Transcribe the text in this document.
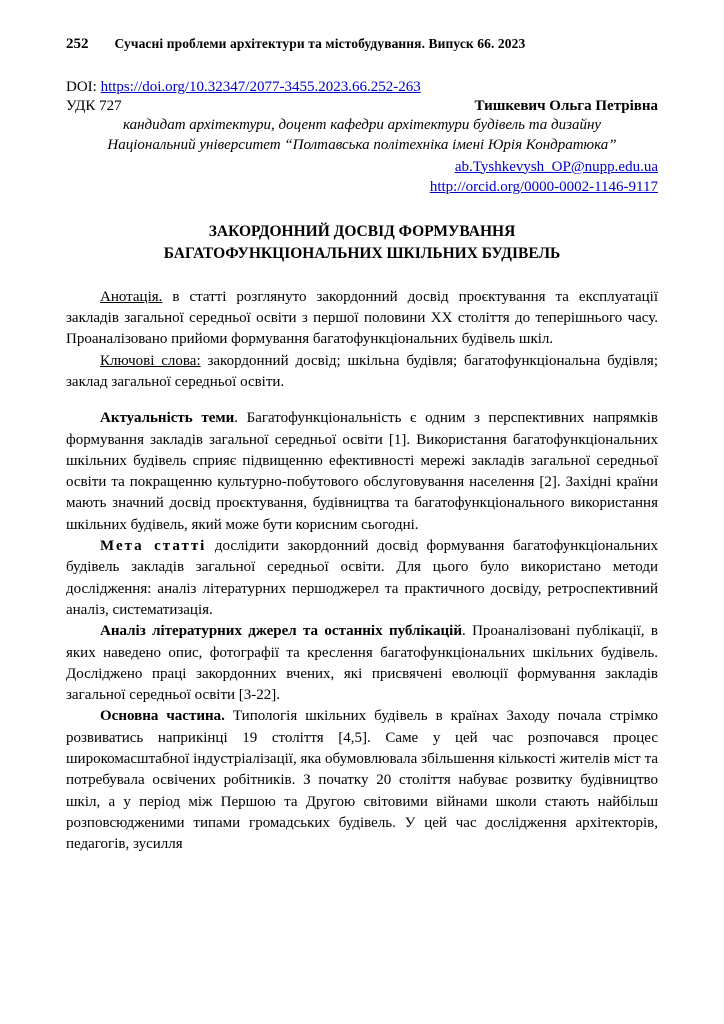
252 Сучасні проблеми архітектури та містобудування. Випуск 66. 2023
DOI: https://doi.org/10.32347/2077-3455.2023.66.252-263
УДК 727	Тишкевич Ольга Петрівна
кандидат архітектури, доцент кафедри архітектури будівель та дизайну
Національний університет “Полтавська політехніка імені Юрія Кондратюка”
ab.Tyshkevysh_OP@nupp.edu.ua
http://orcid.org/0000-0002-1146-9117
ЗАКОРДОННИЙ ДОСВІД ФОРМУВАННЯ
БАГАТОФУНКЦІОНАЛЬНИХ ШКІЛЬНИХ БУДІВЕЛЬ

Анотація. в статті розглянуто закордонний досвід проєктування та експлуатації закладів загальної середньої освіти з першої половини ХХ століття до теперішнього часу. Проаналізовано прийоми формування багатофункціональних будівель шкіл.

Ключові слова: закордонний досвід; шкільна будівля; багатофункціональна будівля; заклад загальної середньої освіти.

Актуальність теми. Багатофункціональність є одним з перспективних напрямків формування закладів загальної середньої освіти [1]. Використання багатофункціональних шкільних будівель сприяє підвищенню ефективності мережі закладів загальної середньої освіти та покращенню культурно-побутового обслуговування населення [2]. Західні країни мають значний досвід проєктування, будівництва та багатофункціонального використання шкільних будівель, який може бути корисним сьогодні.

Мета статті дослідити закордонний досвід формування багатофункціональних будівель закладів загальної середньої освіти. Для цього було використано методи дослідження: аналіз літературних першоджерел та практичного досвіду, ретроспективний аналіз, систематизація.

Аналіз літературних джерел та останніх публікацій. Проаналізовані публікації, в яких наведено опис, фотографії та креслення багатофункціональних шкільних будівель. Досліджено праці закордонних вчених, які присвячені еволюції формування закладів загальної середньої освіти [3-22].

Основна частина. Типологія шкільних будівель в країнах Заходу почала стрімко розвиватись наприкінці 19 століття [4,5]. Саме у цей час розпочався процес широкомасштабної індустріалізації, яка обумовлювала збільшення кількості жителів міст та потребувала освічених робітників. З початку 20 століття набуває розвитку будівництво шкіл, а у період між Першою та Другою світовими війнами школи стають найбільш розповсюдженими типами громадських будівель. У цей час дослідження архітекторів, педагогів, зусилля
